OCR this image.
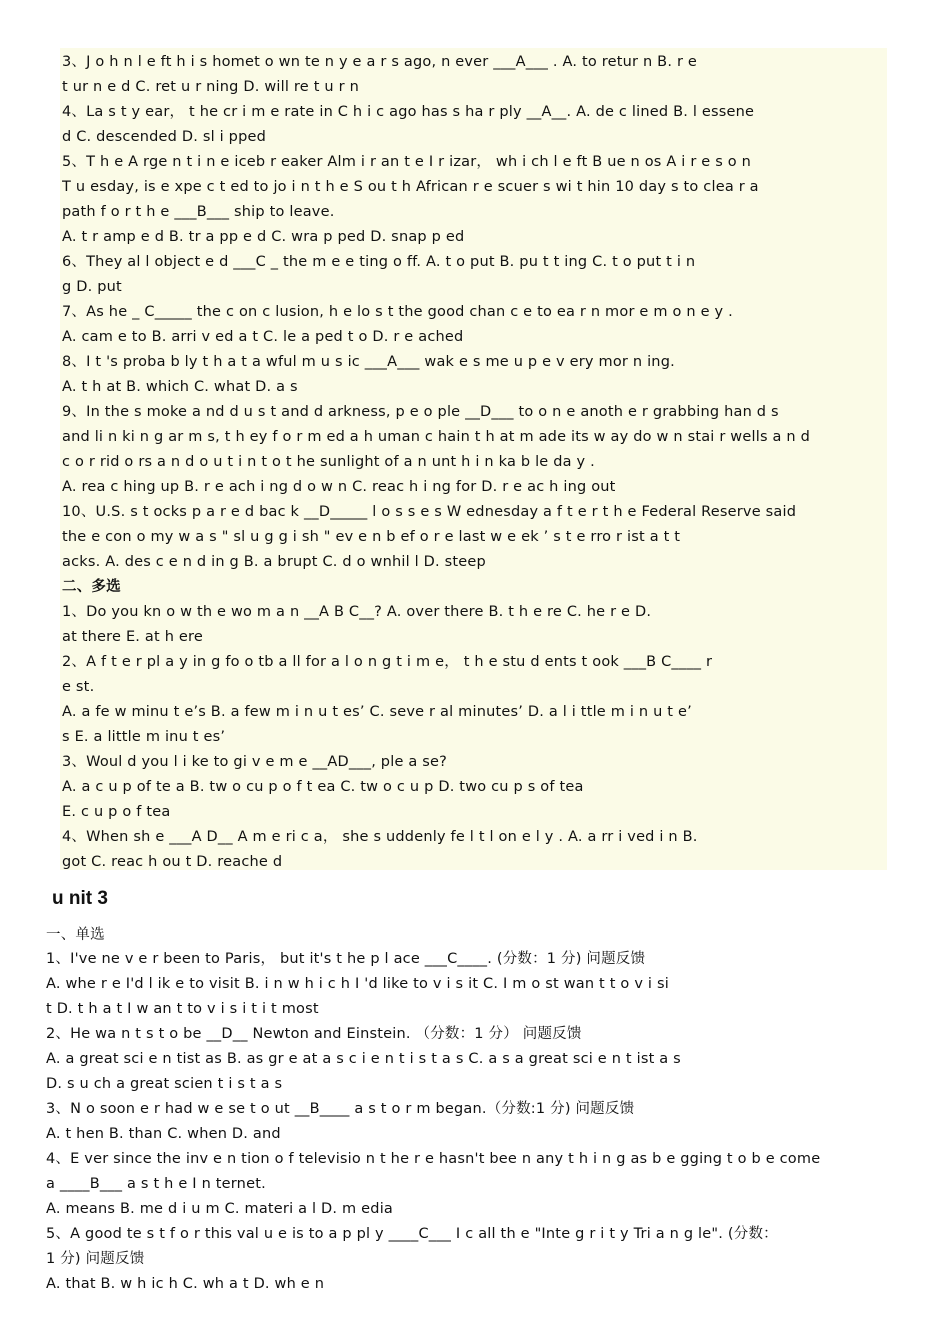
3、J o h n l e ft h i s homet o wn te n y e a r s ago, n ever ___A___ . A. to retur n B. r e
t ur n e d C. ret u r ning D. will re t u r n
4、La s t y ear， t he cr i m e rate in C h i c ago has s ha r ply __A__. A. de c lined B. l essene
d C. descended D. sl i pped
5、T h e A rge n t i n e iceb r eaker Alm i r an t e I r izar， wh i ch l e ft B ue n os A i r e s o n
T u esday, is e xpe c t ed to jo i n t h e S ou t h African r e scuer s wi t hin 10 day s to clea r a
path f o r t h e ___B___ ship to leave.
A. t r amp e d B. tr a pp e d C. wra p ped D. snap p ed
6、They al l object e d ___C _ the m e e ting o ff. A. t o put B. pu t t ing C. t o put t i n
g D. put
7、As he _ C_____ the c on c lusion, h e lo s t the good chan c e to ea r n mor e m o n e y .
A. cam e to B. arri v ed a t C. le a ped t o D. r e ached
8、I t 's proba b ly t h a t a wful m u s ic ___A___ wak e s me u p e v ery mor n ing.
A. t h at B. which C. what D. a s
9、In the s moke a nd d u s t and d arkness, p e o ple __D___ to o n e anoth e r grabbing han d s
and li n ki n g ar m s, t h ey f o r m ed a h uman c hain t h at m ade its w ay do w n stai r wells a n d
c o r rid o rs a n d o u t i n t o t he sunlight of a n unt h i n ka b le da y .
A. rea c hing up B. r e ach i ng d o w n C. reac h i ng for D. r e ac h ing out
10、U.S. s t ocks p a r e d bac k __D_____ l o s s e s W ednesday a f t e r t h e Federal Reserve said
the e con o my w a s " sl u g g i sh " ev e n b ef o r e last w e ek ’ s t e rro r ist a t t
acks. A. des c e n d in g B. a brupt C. d o wnhil l D. steep
二、多选
1、Do you kn o w th e wo m a n __A B C__? A. over there B. t h e re C. he r e D.
at there E. at h ere
2、A f t e r pl a y in g fo o tb a ll for a l o n g t i m e， t h e stu d ents t ook ___B C____ r
e st.
A. a fe w minu t e’s B. a few m i n u t es’ C. seve r al minutes’ D. a l i ttle m i n u t e’
s E. a little m inu t es’
3、Woul d you l i ke to gi v e m e __AD___, ple a se?
A. a c u p of te a B. tw o cu p o f t ea C. tw o c u p D. two cu p s of tea
E. c u p o f tea
4、When sh e ___A D__ A m e ri c a， she s uddenly fe l t l on e l y . A. a rr i ved i n B.
got C. reac h ou t D. reache d
u nit 3
一、单选
1、I've ne v e r been to Paris， but it's t he p l ace ___C____. (分数：1 分) 问题反馈
A. whe r e I'd l ik e to visit B. i n w h i c h I 'd like to v i s it C. I m o st wan t t o v i si
t D. t h a t I w an t to v i s i t i t most
2、He wa n t s t o be __D__ Newton and Einstein. （分数：1 分） 问题反馈
A. a great sci e n tist as B. as gr e at a s c i e n t i s t a s C. a s a great sci e n t ist a s
D. s u ch a great scien t i s t a s
3、N o soon e r had w e se t o ut __B____ a s t o r m began.（分数:1 分) 问题反馈
A. t hen B. than C. when D. and
4、E ver since the inv e n tion o f televisio n t he r e hasn't bee n any t h i n g as b e gging t o b e come
a ____B___ a s t h e I n ternet.
A. means B. me d i u m C. materi a l D. m edia
5、A good te s t f o r this val u e is to a p pl y ____C___ I c all th e "Inte g r i t y Tri a n g le". (分数：
1 分) 问题反馈
A. that B. w h ic h C. wh a t D. wh e n
